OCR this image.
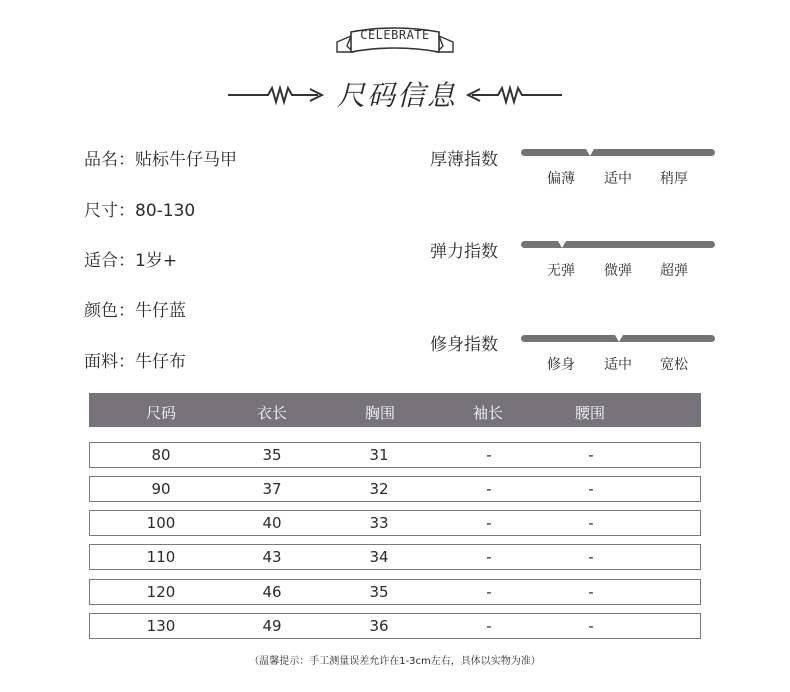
CELEBRATE
尺码信息
品名：贴标牛仔马甲
尺寸：80-130
适合：1岁+
颜色：牛仔蓝
面料：牛仔布
厚薄指数
偏薄	适中	稍厚
弹力指数
无弹	微弹	超弹
修身指数
修身	适中	宽松
尺码	衣长	胸围	袖长	腰围
80	35	31	-	-
90	37	32	-	-
100	40	33	-	-
110	43	34	-	-
120	46	35	-	-
130	49	36	-	-
（温馨提示：手工测量误差允许在1-3cm左右，具体以实物为准）
